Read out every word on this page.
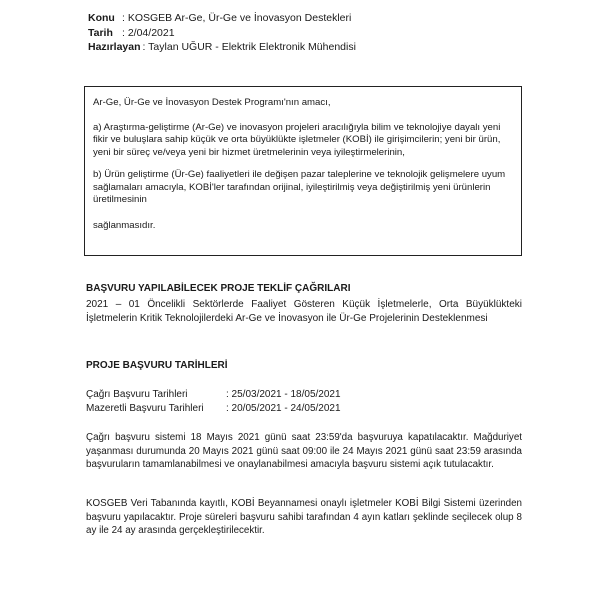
Konu : KOSGEB Ar-Ge, Ür-Ge ve İnovasyon Destekleri
Tarih : 2/04/2021
Hazırlayan : Taylan UĞUR - Elektrik Elektronik Mühendisi

Ar-Ge, Ür-Ge ve İnovasyon Destek Programı'nın amacı,

a) Araştırma-geliştirme (Ar-Ge) ve inovasyon projeleri aracılığıyla bilim ve teknolojiye dayalı yeni fikir ve buluşlara sahip küçük ve orta büyüklükte işletmeler (KOBİ) ile girişimcilerin; yeni bir ürün, yeni bir süreç ve/veya yeni bir hizmet üretmelerinin veya iyileştirmelerinin,

b) Ürün geliştirme (Ür-Ge) faaliyetleri ile değişen pazar taleplerine ve teknolojik gelişmelere uyum sağlamaları amacıyla, KOBİ'ler tarafından orijinal, iyileştirilmiş veya değiştirilmiş yeni ürünlerin üretilmesinin

sağlanmasıdır.

BAŞVURU YAPILABİLECEK PROJE TEKLİF ÇAĞRILARI
2021 – 01 Öncelikli Sektörlerde Faaliyet Gösteren Küçük İşletmelerle, Orta Büyüklükteki İşletmelerin Kritik Teknolojilerdeki Ar-Ge ve İnovasyon ile Ür-Ge Projelerinin Desteklenmesi
PROJE BAŞVURU TARİHLERİ
Çağrı Başvuru Tarihleri	: 25/03/2021 - 18/05/2021
Mazeretli Başvuru Tarihleri : 20/05/2021 - 24/05/2021

Çağrı başvuru sistemi 18 Mayıs 2021 günü saat 23:59'da başvuruya kapatılacaktır. Mağduriyet yaşanması durumunda 20 Mayıs 2021 günü saat 09:00 ile 24 Mayıs 2021 günü saat 23:59 arasında başvuruların tamamlanabilmesi ve onaylanabilmesi amacıyla başvuru sistemi açık tutulacaktır.

KOSGEB Veri Tabanında kayıtlı, KOBİ Beyannamesi onaylı işletmeler KOBİ Bilgi Sistemi üzerinden başvuru yapılacaktır. Proje süreleri başvuru sahibi tarafından 4 ayın katları şeklinde seçilecek olup 8 ay ile 24 ay arasında gerçekleştirilecektir.
